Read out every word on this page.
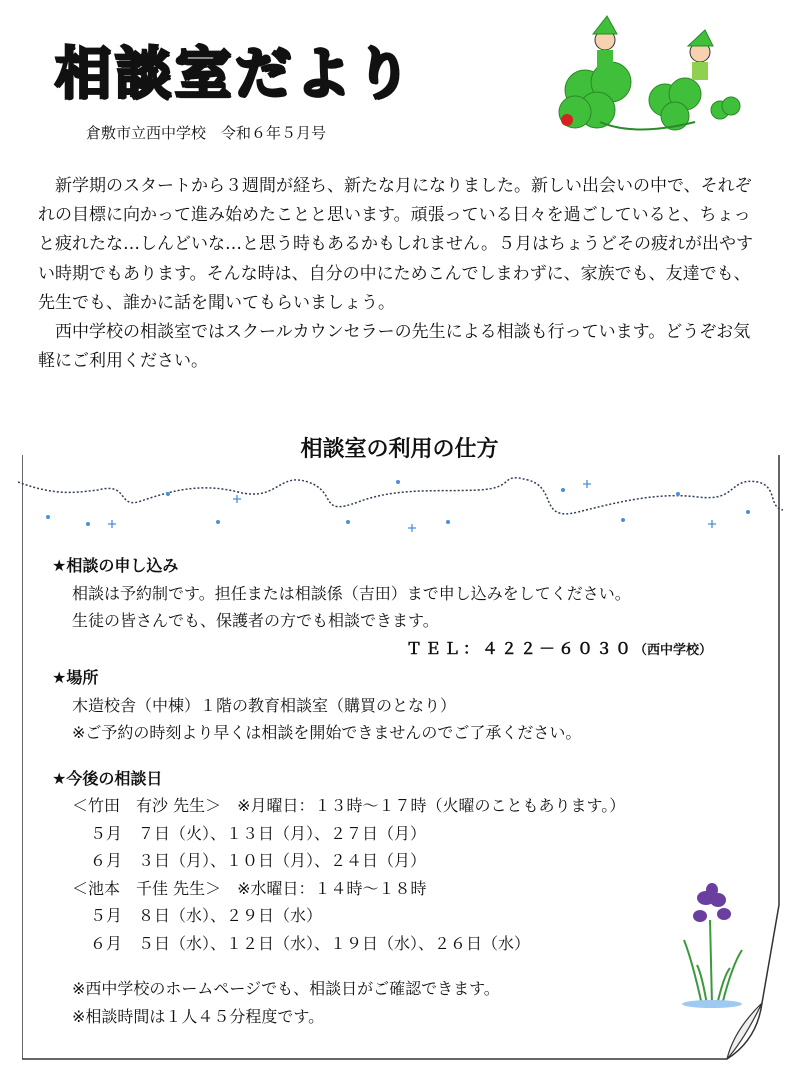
相談室だより
倉敷市立西中学校　令和６年５月号

新学期のスタートから３週間が経ち、新たな月になりました。新しい出会いの中で、それぞれの目標に向かって進み始めたことと思います。頑張っている日々を過ごしていると、ちょっと疲れたな…しんどいな…と思う時もあるかもしれません。５月はちょうどその疲れが出やすい時期でもあります。そんな時は、自分の中にためこんでしまわずに、家族でも、友達でも、先生でも、誰かに話を聞いてもらいましょう。

西中学校の相談室ではスクールカウンセラーの先生による相談も行っています。どうぞお気軽にご利用ください。

相談室の利用の仕方
★相談の申し込み
相談は予約制です。担任または相談係（吉田）まで申し込みをしてください。
生徒の皆さんでも、保護者の方でも相談できます。
ＴＥＬ：４２２－６０３０（西中学校）
★場所
木造校舎（中棟）１階の教育相談室（購買のとなり）
※ご予約の時刻より早くは相談を開始できませんのでご了承ください。
★今後の相談日
＜竹田　有沙 先生＞　※月曜日：１３時～１７時（火曜のこともあります。）
５月　７日（火）、１３日（月）、２７日（月）
６月　３日（月）、１０日（月）、２４日（月）
＜池本　千佳 先生＞　※水曜日：１４時～１８時
５月　８日（水）、２９日（水）
６月　５日（水）、１２日（水）、１９日（水）、２６日（水）
※西中学校のホームページでも、相談日がご確認できます。
※相談時間は１人４５分程度です。
